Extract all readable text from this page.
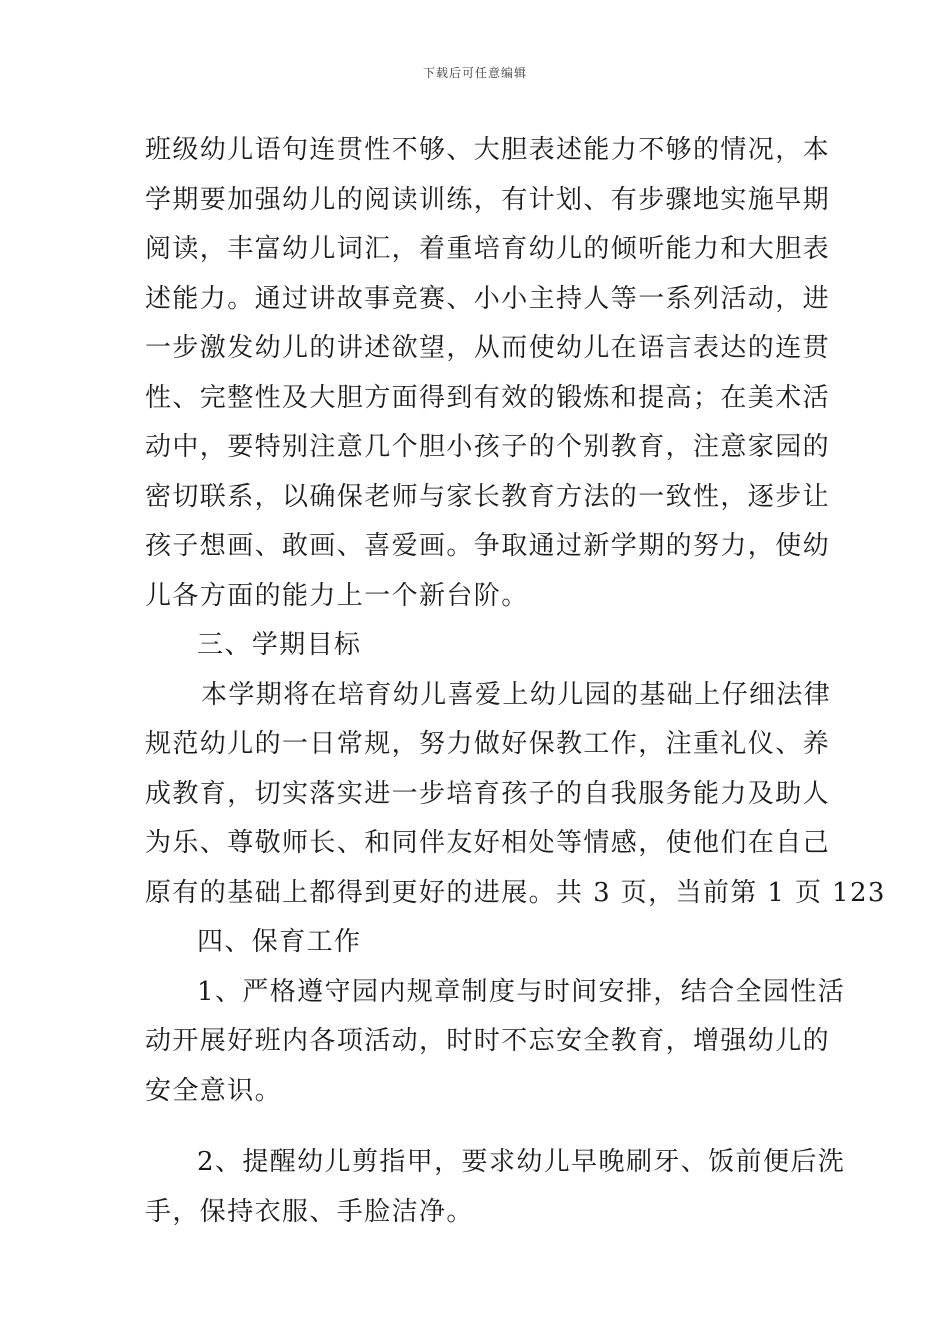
下载后可任意编辑
班级幼儿语句连贯性不够、大胆表述能力不够的情况，本
学期要加强幼儿的阅读训练，有计划、有步骤地实施早期
阅读，丰富幼儿词汇，着重培育幼儿的倾听能力和大胆表
述能力。通过讲故事竞赛、小小主持人等一系列活动，进
一步激发幼儿的讲述欲望，从而使幼儿在语言表达的连贯
性、完整性及大胆方面得到有效的锻炼和提高；在美术活
动中，要特别注意几个胆小孩子的个别教育，注意家园的
密切联系，以确保老师与家长教育方法的一致性，逐步让
孩子想画、敢画、喜爱画。争取通过新学期的努力，使幼
儿各方面的能力上一个新台阶。
三、学期目标
本学期将在培育幼儿喜爱上幼儿园的基础上仔细法律
规范幼儿的一日常规，努力做好保教工作，注重礼仪、养
成教育，切实落实进一步培育孩子的自我服务能力及助人
为乐、尊敬师长、和同伴友好相处等情感，使他们在自己
原有的基础上都得到更好的进展。共 3 页，当前第 1 页 123
四、保育工作
1、严格遵守园内规章制度与时间安排，结合全园性活
动开展好班内各项活动，时时不忘安全教育，增强幼儿的
安全意识。
2、提醒幼儿剪指甲，要求幼儿早晚刷牙、饭前便后洗
手，保持衣服、手脸洁净。
